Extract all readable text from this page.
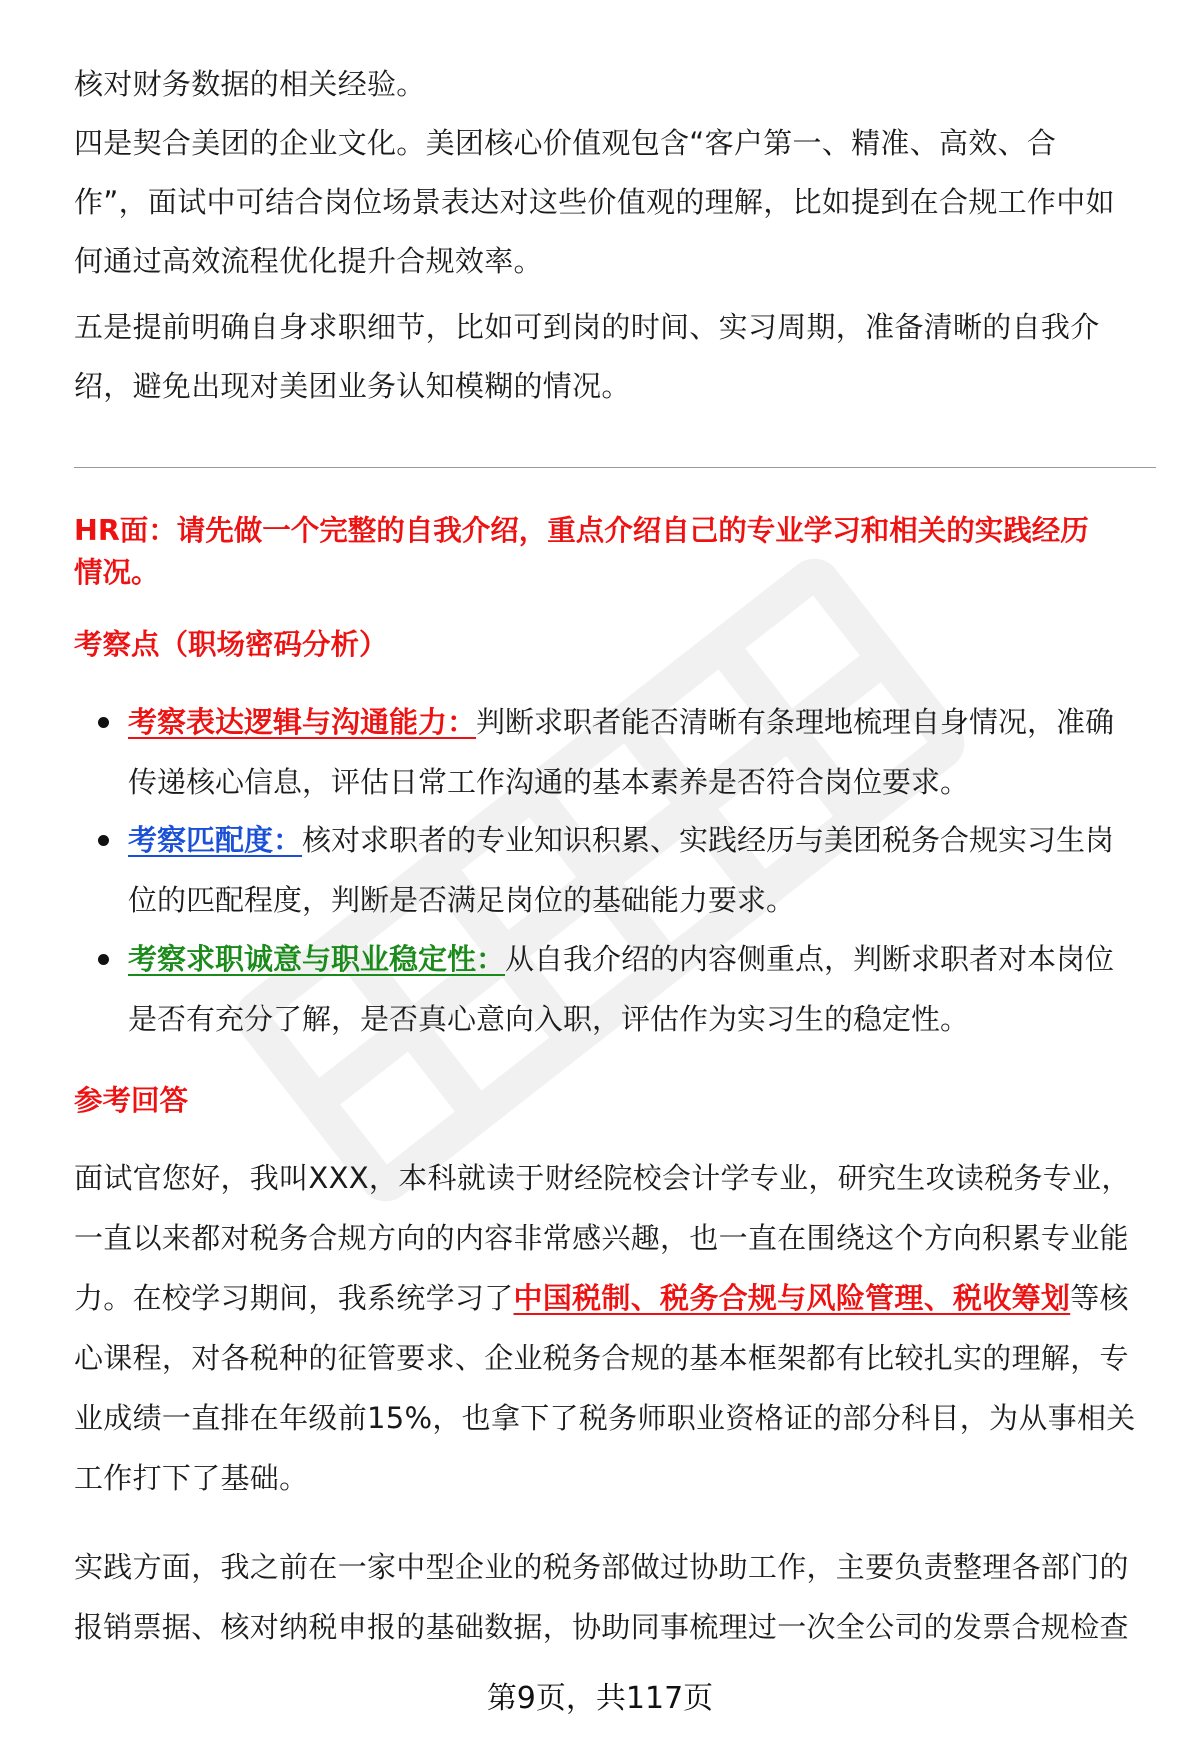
核对财务数据的相关经验。

四是契合美团的企业文化。美团核心价值观包含“客户第一、精准、高效、合

作”，面试中可结合岗位场景表达对这些价值观的理解，比如提到在合规工作中如

何通过高效流程优化提升合规效率。

五是提前明确自身求职细节，比如可到岗的时间、实习周期，准备清晰的自我介

绍，避免出现对美团业务认知模糊的情况。

HR面：请先做一个完整的自我介绍，重点介绍自己的专业学习和相关的实践经历

情况。

考察点（职场密码分析）

考察表达逻辑与沟通能力：判断求职者能否清晰有条理地梳理自身情况，准确
传递核心信息，评估日常工作沟通的基本素养是否符合岗位要求。
考察匹配度：核对求职者的专业知识积累、实践经历与美团税务合规实习生岗
位的匹配程度，判断是否满足岗位的基础能力要求。
考察求职诚意与职业稳定性：从自我介绍的内容侧重点，判断求职者对本岗位
是否有充分了解，是否真心意向入职，评估作为实习生的稳定性。

参考回答

面试官您好，我叫XXX，本科就读于财经院校会计学专业，研究生攻读税务专业，

一直以来都对税务合规方向的内容非常感兴趣，也一直在围绕这个方向积累专业能

力。在校学习期间，我系统学习了中国税制、税务合规与风险管理、税收筹划等核

心课程，对各税种的征管要求、企业税务合规的基本框架都有比较扎实的理解，专

业成绩一直排在年级前15%，也拿下了税务师职业资格证的部分科目，为从事相关

工作打下了基础。

实践方面，我之前在一家中型企业的税务部做过协助工作，主要负责整理各部门的

报销票据、核对纳税申报的基础数据，协助同事梳理过一次全公司的发票合规检查

第9页，共117页
